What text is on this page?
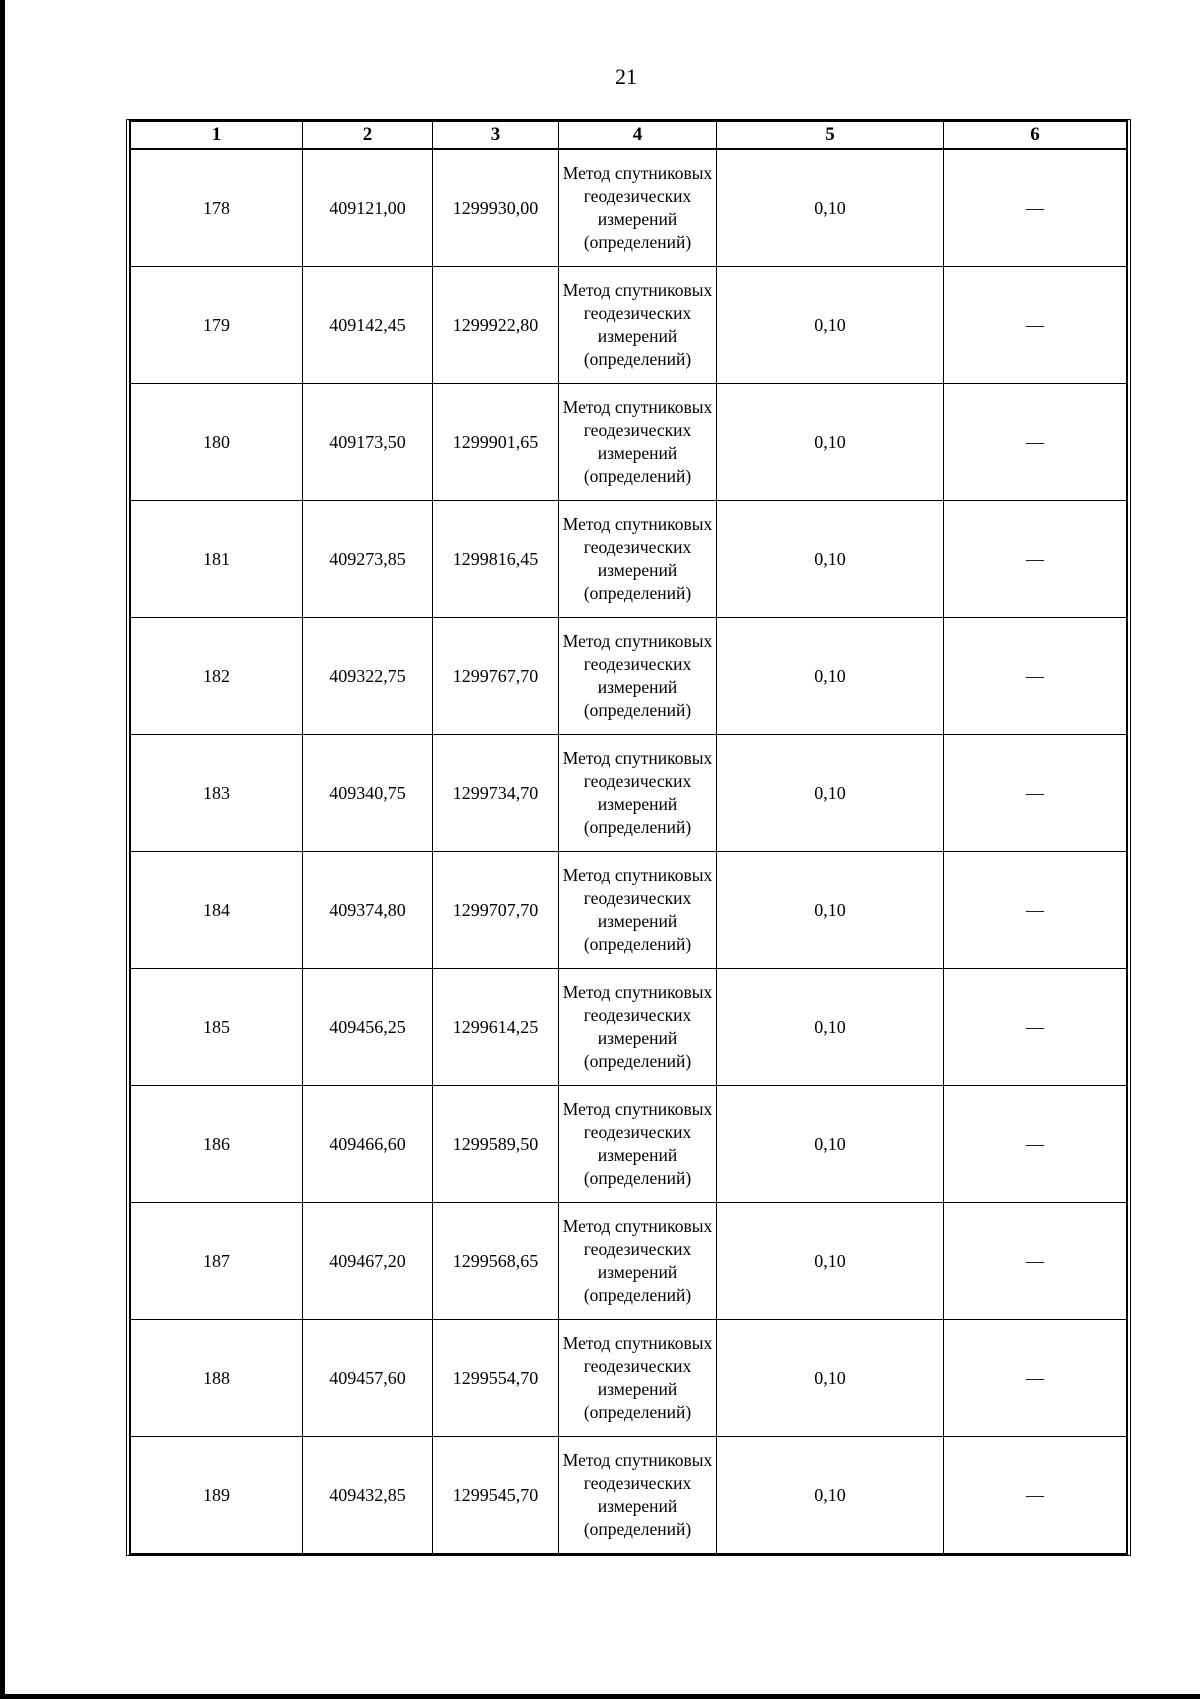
21
1	2	3	4	5	6
178	409121,00	1299930,00	Метод спутниковых геодезических измерений (определений)	0,10	—
179	409142,45	1299922,80	Метод спутниковых геодезических измерений (определений)	0,10	—
180	409173,50	1299901,65	Метод спутниковых геодезических измерений (определений)	0,10	—
181	409273,85	1299816,45	Метод спутниковых геодезических измерений (определений)	0,10	—
182	409322,75	1299767,70	Метод спутниковых геодезических измерений (определений)	0,10	—
183	409340,75	1299734,70	Метод спутниковых геодезических измерений (определений)	0,10	—
184	409374,80	1299707,70	Метод спутниковых геодезических измерений (определений)	0,10	—
185	409456,25	1299614,25	Метод спутниковых геодезических измерений (определений)	0,10	—
186	409466,60	1299589,50	Метод спутниковых геодезических измерений (определений)	0,10	—
187	409467,20	1299568,65	Метод спутниковых геодезических измерений (определений)	0,10	—
188	409457,60	1299554,70	Метод спутниковых геодезических измерений (определений)	0,10	—
189	409432,85	1299545,70	Метод спутниковых геодезических измерений (определений)	0,10	—
